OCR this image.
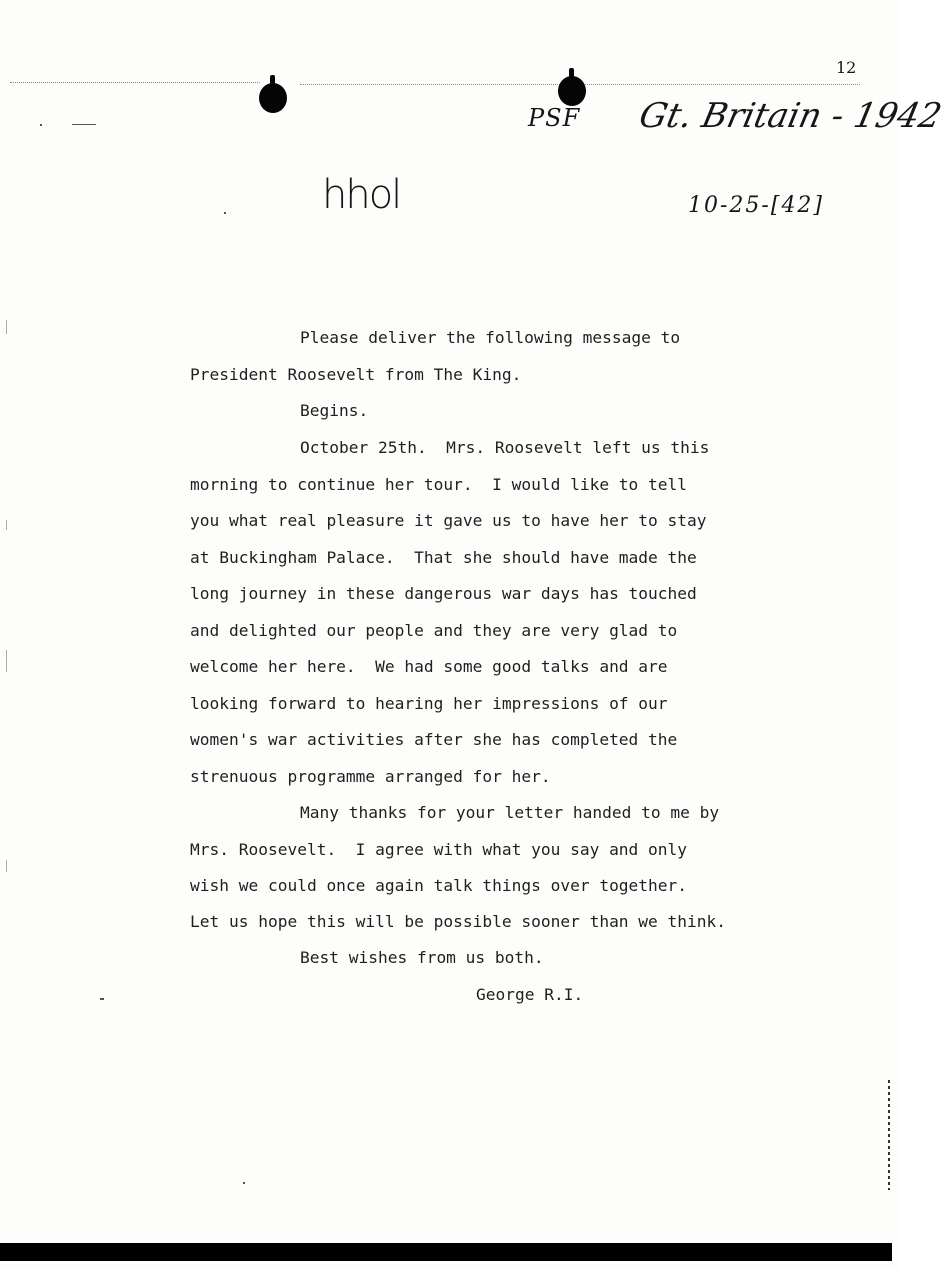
12
PSF Gt. Britain - 1942
10-25-[42]
hhol
Please deliver the following message to
President Roosevelt from The King.
Begins.
October 25th.  Mrs. Roosevelt left us this
morning to continue her tour.  I would like to tell
you what real pleasure it gave us to have her to stay
at Buckingham Palace.  That she should have made the
long journey in these dangerous war days has touched
and delighted our people and they are very glad to
welcome her here.  We had some good talks and are
looking forward to hearing her impressions of our
women's war activities after she has completed the
strenuous programme arranged for her.
Many thanks for your letter handed to me by
Mrs. Roosevelt.  I agree with what you say and only
wish we could once again talk things over together.
Let us hope this will be possible sooner than we think.
Best wishes from us both.
George R.I.
